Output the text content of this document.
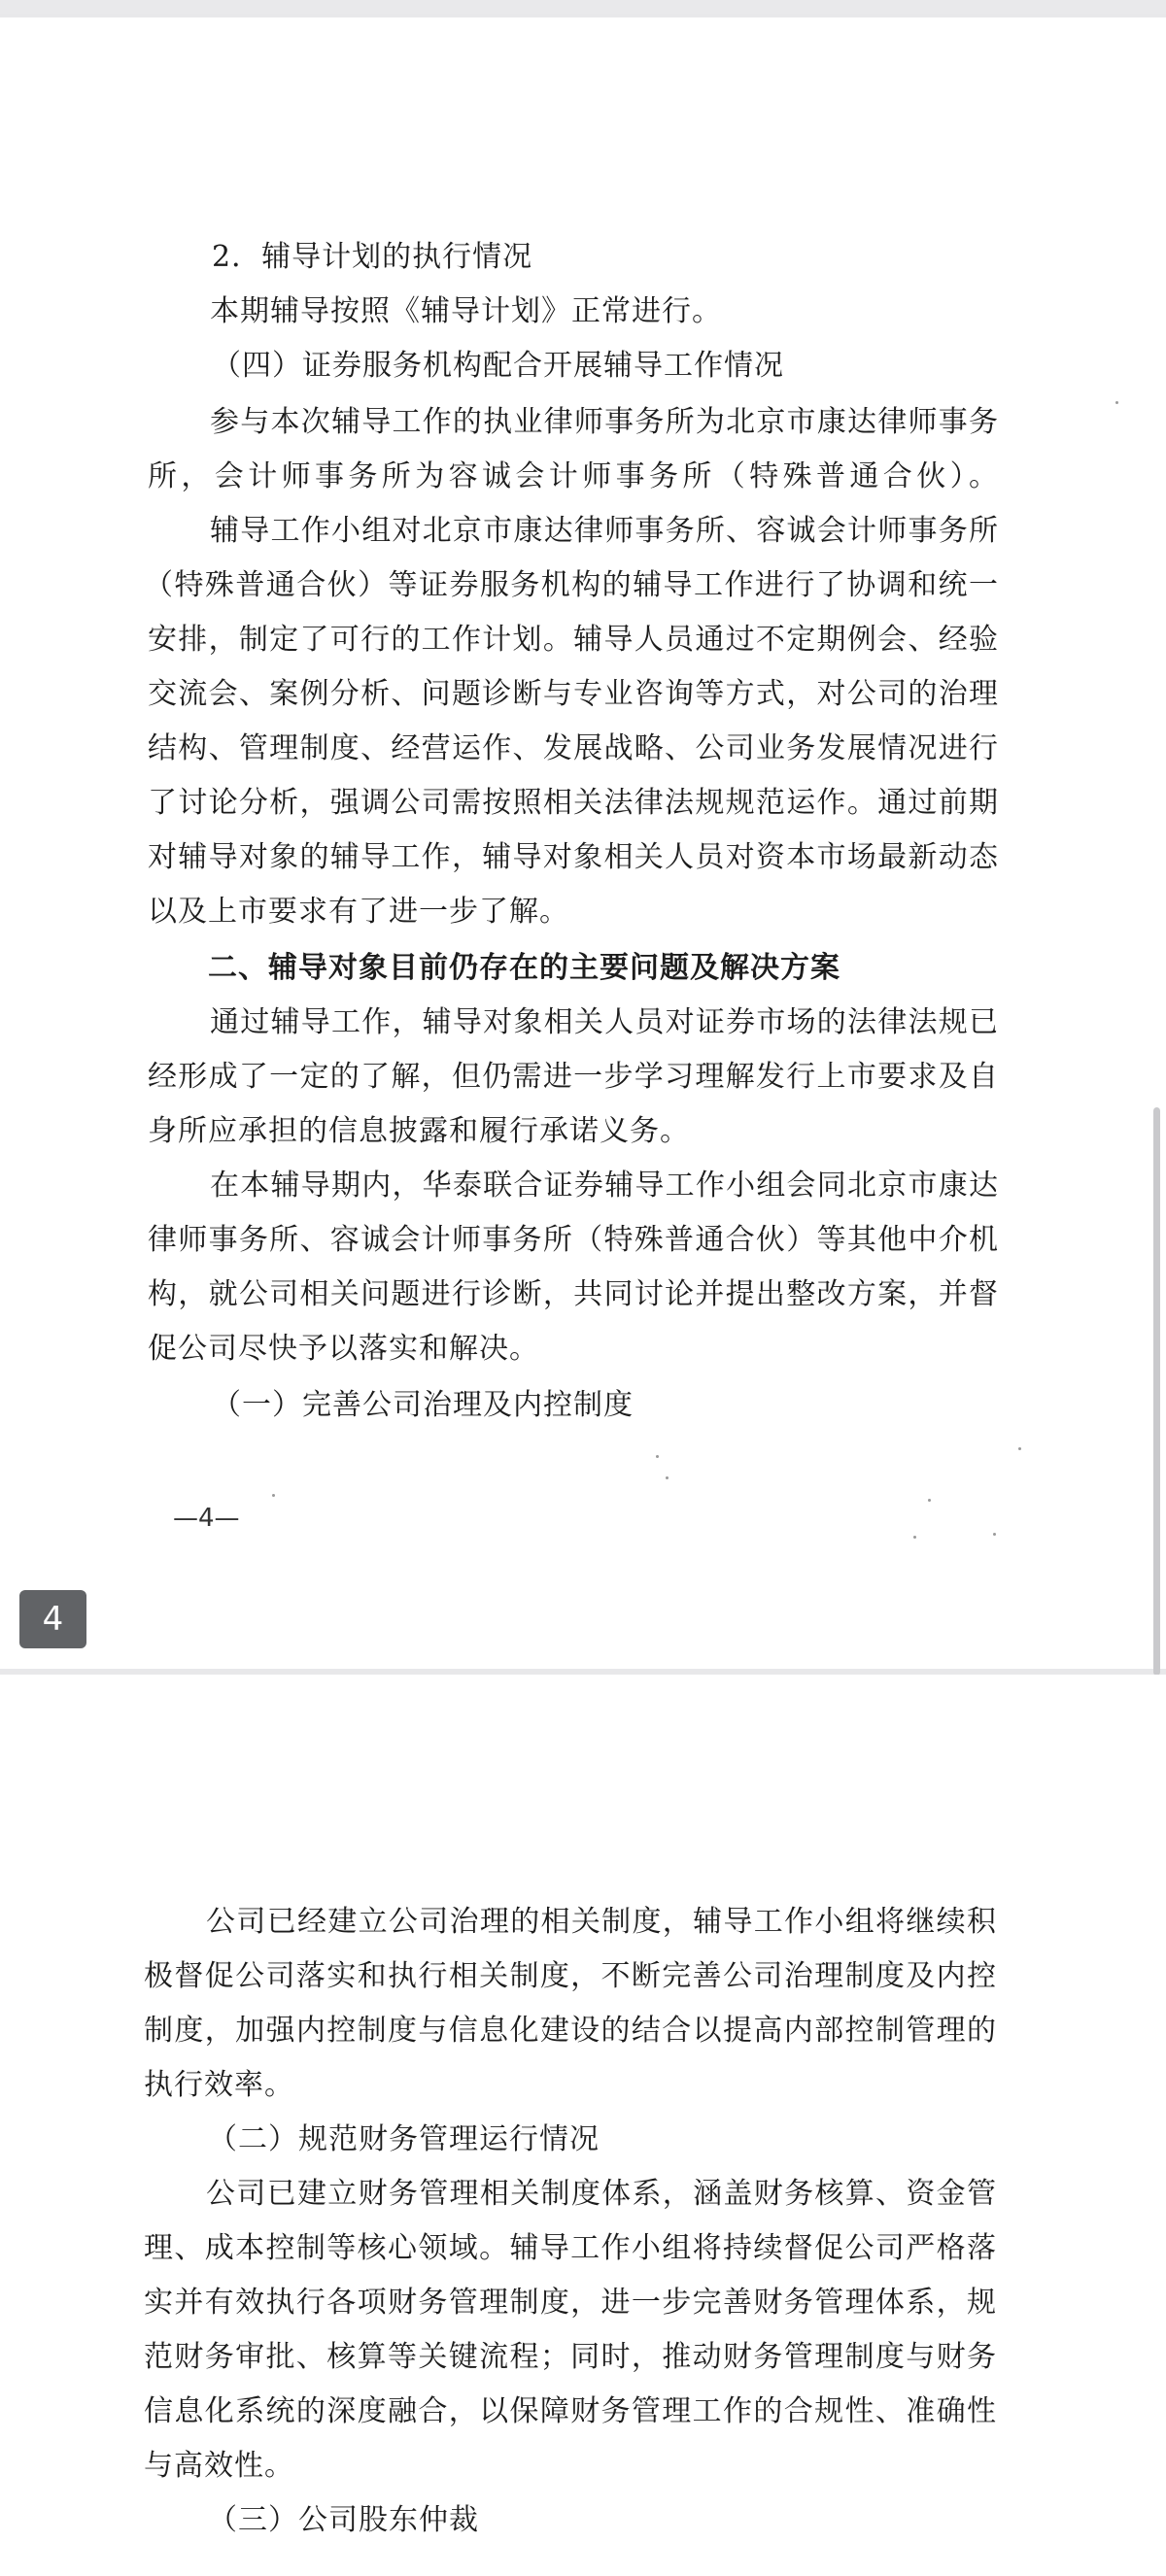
2．辅导计划的执行情况

本期辅导按照《辅导计划》正常进行。

（四）证券服务机构配合开展辅导工作情况

参与本次辅导工作的执业律师事务所为北京市康达律师事务

所，会计师事务所为容诚会计师事务所（特殊普通合伙）。

辅导工作小组对北京市康达律师事务所、容诚会计师事务所

（特殊普通合伙）等证券服务机构的辅导工作进行了协调和统一

安排，制定了可行的工作计划。辅导人员通过不定期例会、经验

交流会、案例分析、问题诊断与专业咨询等方式，对公司的治理

结构、管理制度、经营运作、发展战略、公司业务发展情况进行

了讨论分析，强调公司需按照相关法律法规规范运作。通过前期

对辅导对象的辅导工作，辅导对象相关人员对资本市场最新动态

以及上市要求有了进一步了解。

二、辅导对象目前仍存在的主要问题及解决方案

通过辅导工作，辅导对象相关人员对证券市场的法律法规已

经形成了一定的了解，但仍需进一步学习理解发行上市要求及自

身所应承担的信息披露和履行承诺义务。

在本辅导期内，华泰联合证券辅导工作小组会同北京市康达

律师事务所、容诚会计师事务所（特殊普通合伙）等其他中介机

构，就公司相关问题进行诊断，共同讨论并提出整改方案，并督

促公司尽快予以落实和解决。

（一）完善公司治理及内控制度

—4—
4

公司已经建立公司治理的相关制度，辅导工作小组将继续积

极督促公司落实和执行相关制度，不断完善公司治理制度及内控

制度，加强内控制度与信息化建设的结合以提高内部控制管理的

执行效率。

（二）规范财务管理运行情况

公司已建立财务管理相关制度体系，涵盖财务核算、资金管

理、成本控制等核心领域。辅导工作小组将持续督促公司严格落

实并有效执行各项财务管理制度，进一步完善财务管理体系，规

范财务审批、核算等关键流程；同时，推动财务管理制度与财务

信息化系统的深度融合，以保障财务管理工作的合规性、准确性

与高效性。

（三）公司股东仲裁
